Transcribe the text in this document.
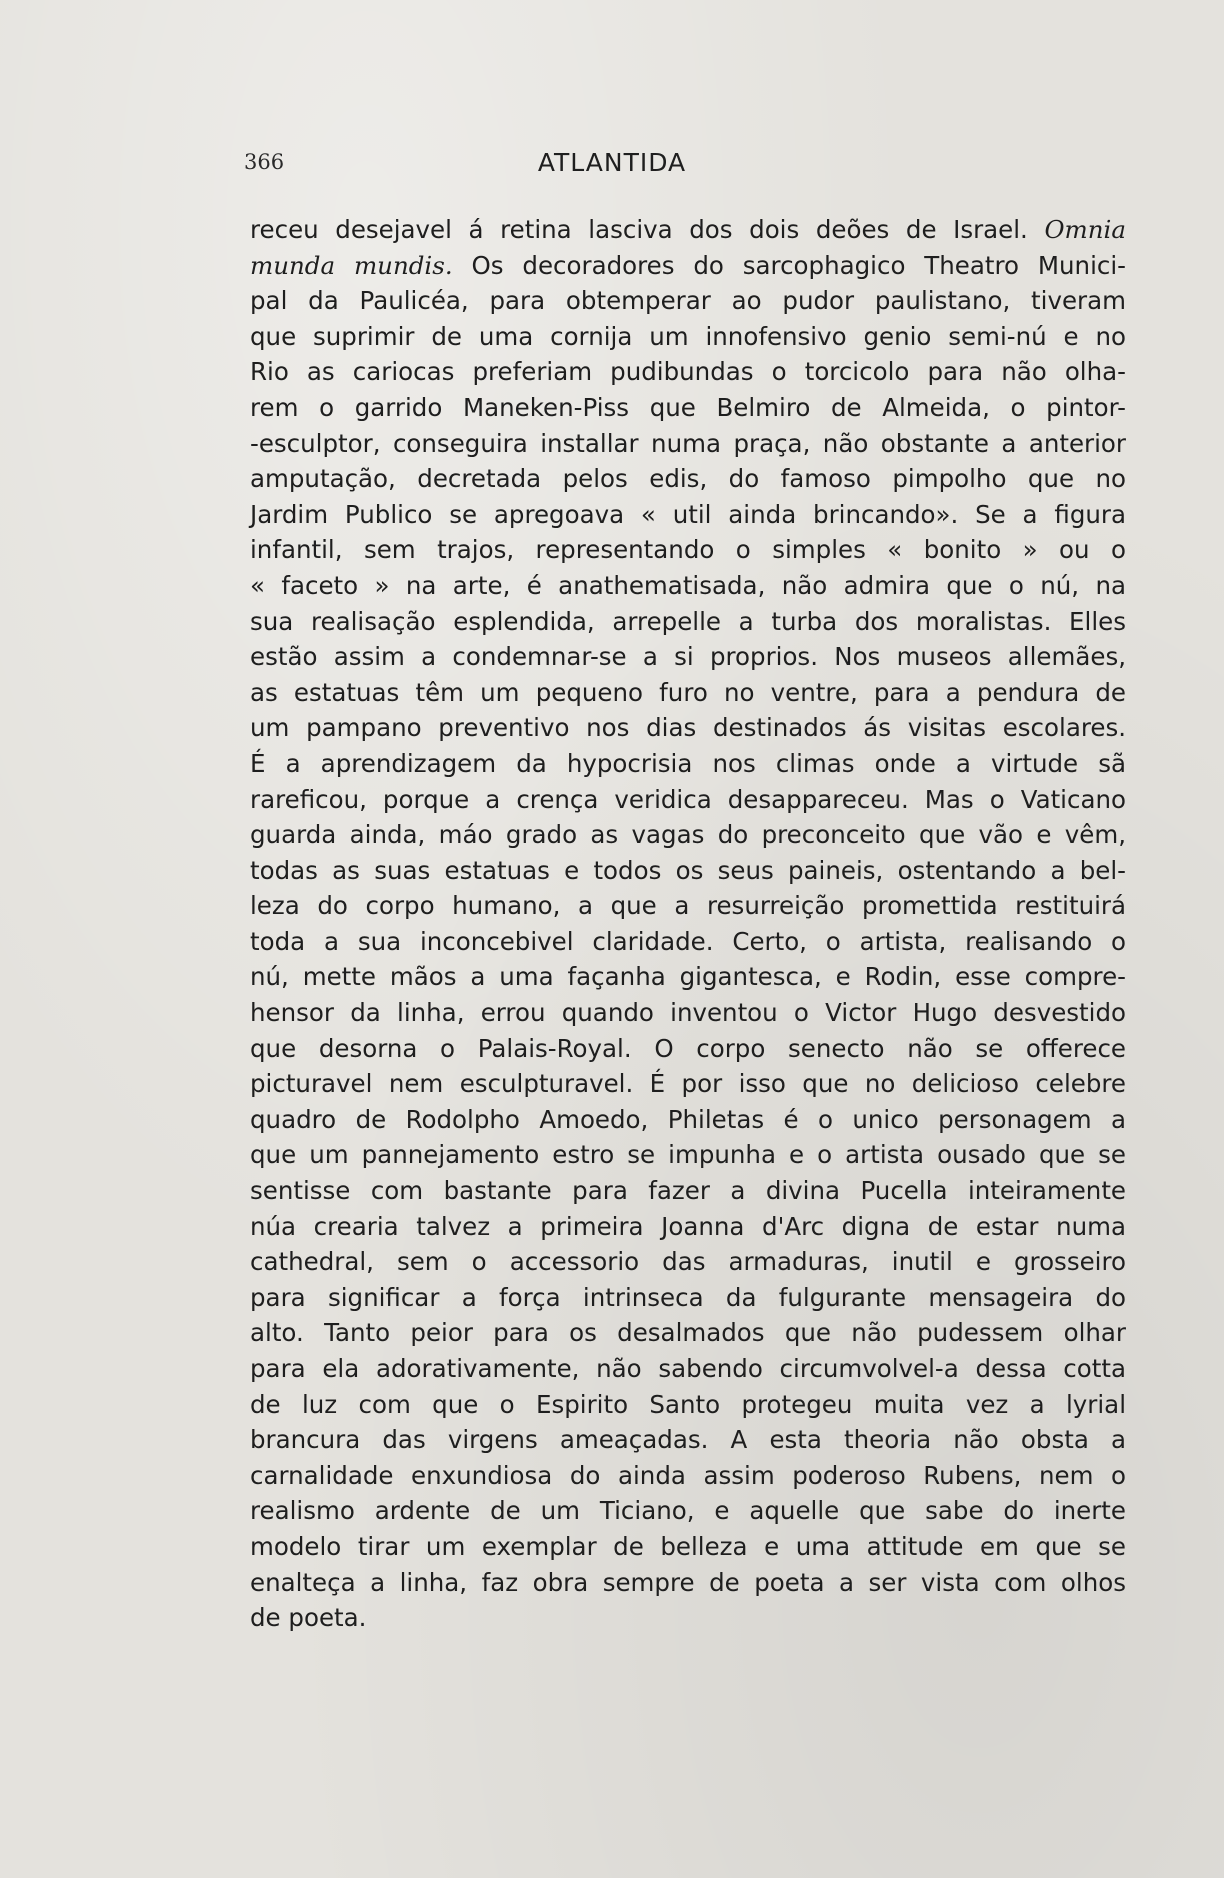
366	ATLANTIDA
receu desejavel á retina lasciva dos dois deões de Israel. Omnia
munda mundis. Os decoradores do sarcophagico Theatro Munici-
pal da Paulicéa, para obtemperar ao pudor paulistano, tiveram
que suprimir de uma cornija um innofensivo genio semi-nú e no
Rio as cariocas preferiam pudibundas o torcicolo para não olha-
rem o garrido Maneken-Piss que Belmiro de Almeida, o pintor-
-esculptor, conseguira installar numa praça, não obstante a anterior
amputação, decretada pelos edis, do famoso pimpolho que no
Jardim Publico se apregoava « util ainda brincando». Se a figura
infantil, sem trajos, representando o simples « bonito » ou o
« faceto » na arte, é anathematisada, não admira que o nú, na
sua realisação esplendida, arrepelle a turba dos moralistas. Elles
estão assim a condemnar-se a si proprios. Nos museos allemães,
as estatuas têm um pequeno furo no ventre, para a pendura de
um pampano preventivo nos dias destinados ás visitas escolares.
É a aprendizagem da hypocrisia nos climas onde a virtude sã
rareficou, porque a crença veridica desappareceu. Mas o Vaticano
guarda ainda, máo grado as vagas do preconceito que vão e vêm,
todas as suas estatuas e todos os seus paineis, ostentando a bel-
leza do corpo humano, a que a resurreição promettida restituirá
toda a sua inconcebivel claridade. Certo, o artista, realisando o
nú, mette mãos a uma façanha gigantesca, e Rodin, esse compre-
hensor da linha, errou quando inventou o Victor Hugo desvestido
que desorna o Palais-Royal. O corpo senecto não se offerece
picturavel nem esculpturavel. É por isso que no delicioso celebre
quadro de Rodolpho Amoedo, Philetas é o unico personagem a
que um pannejamento estro se impunha e o artista ousado que se
sentisse com bastante para fazer a divina Pucella inteiramente
núa crearia talvez a primeira Joanna d'Arc digna de estar numa
cathedral, sem o accessorio das armaduras, inutil e grosseiro
para significar a força intrinseca da fulgurante mensageira do
alto. Tanto peior para os desalmados que não pudessem olhar
para ela adorativamente, não sabendo circumvolvel-a dessa cotta
de luz com que o Espirito Santo protegeu muita vez a lyrial
brancura das virgens ameaçadas. A esta theoria não obsta a
carnalidade enxundiosa do ainda assim poderoso Rubens, nem o
realismo ardente de um Ticiano, e aquelle que sabe do inerte
modelo tirar um exemplar de belleza e uma attitude em que se
enalteça a linha, faz obra sempre de poeta a ser vista com olhos
de poeta.
